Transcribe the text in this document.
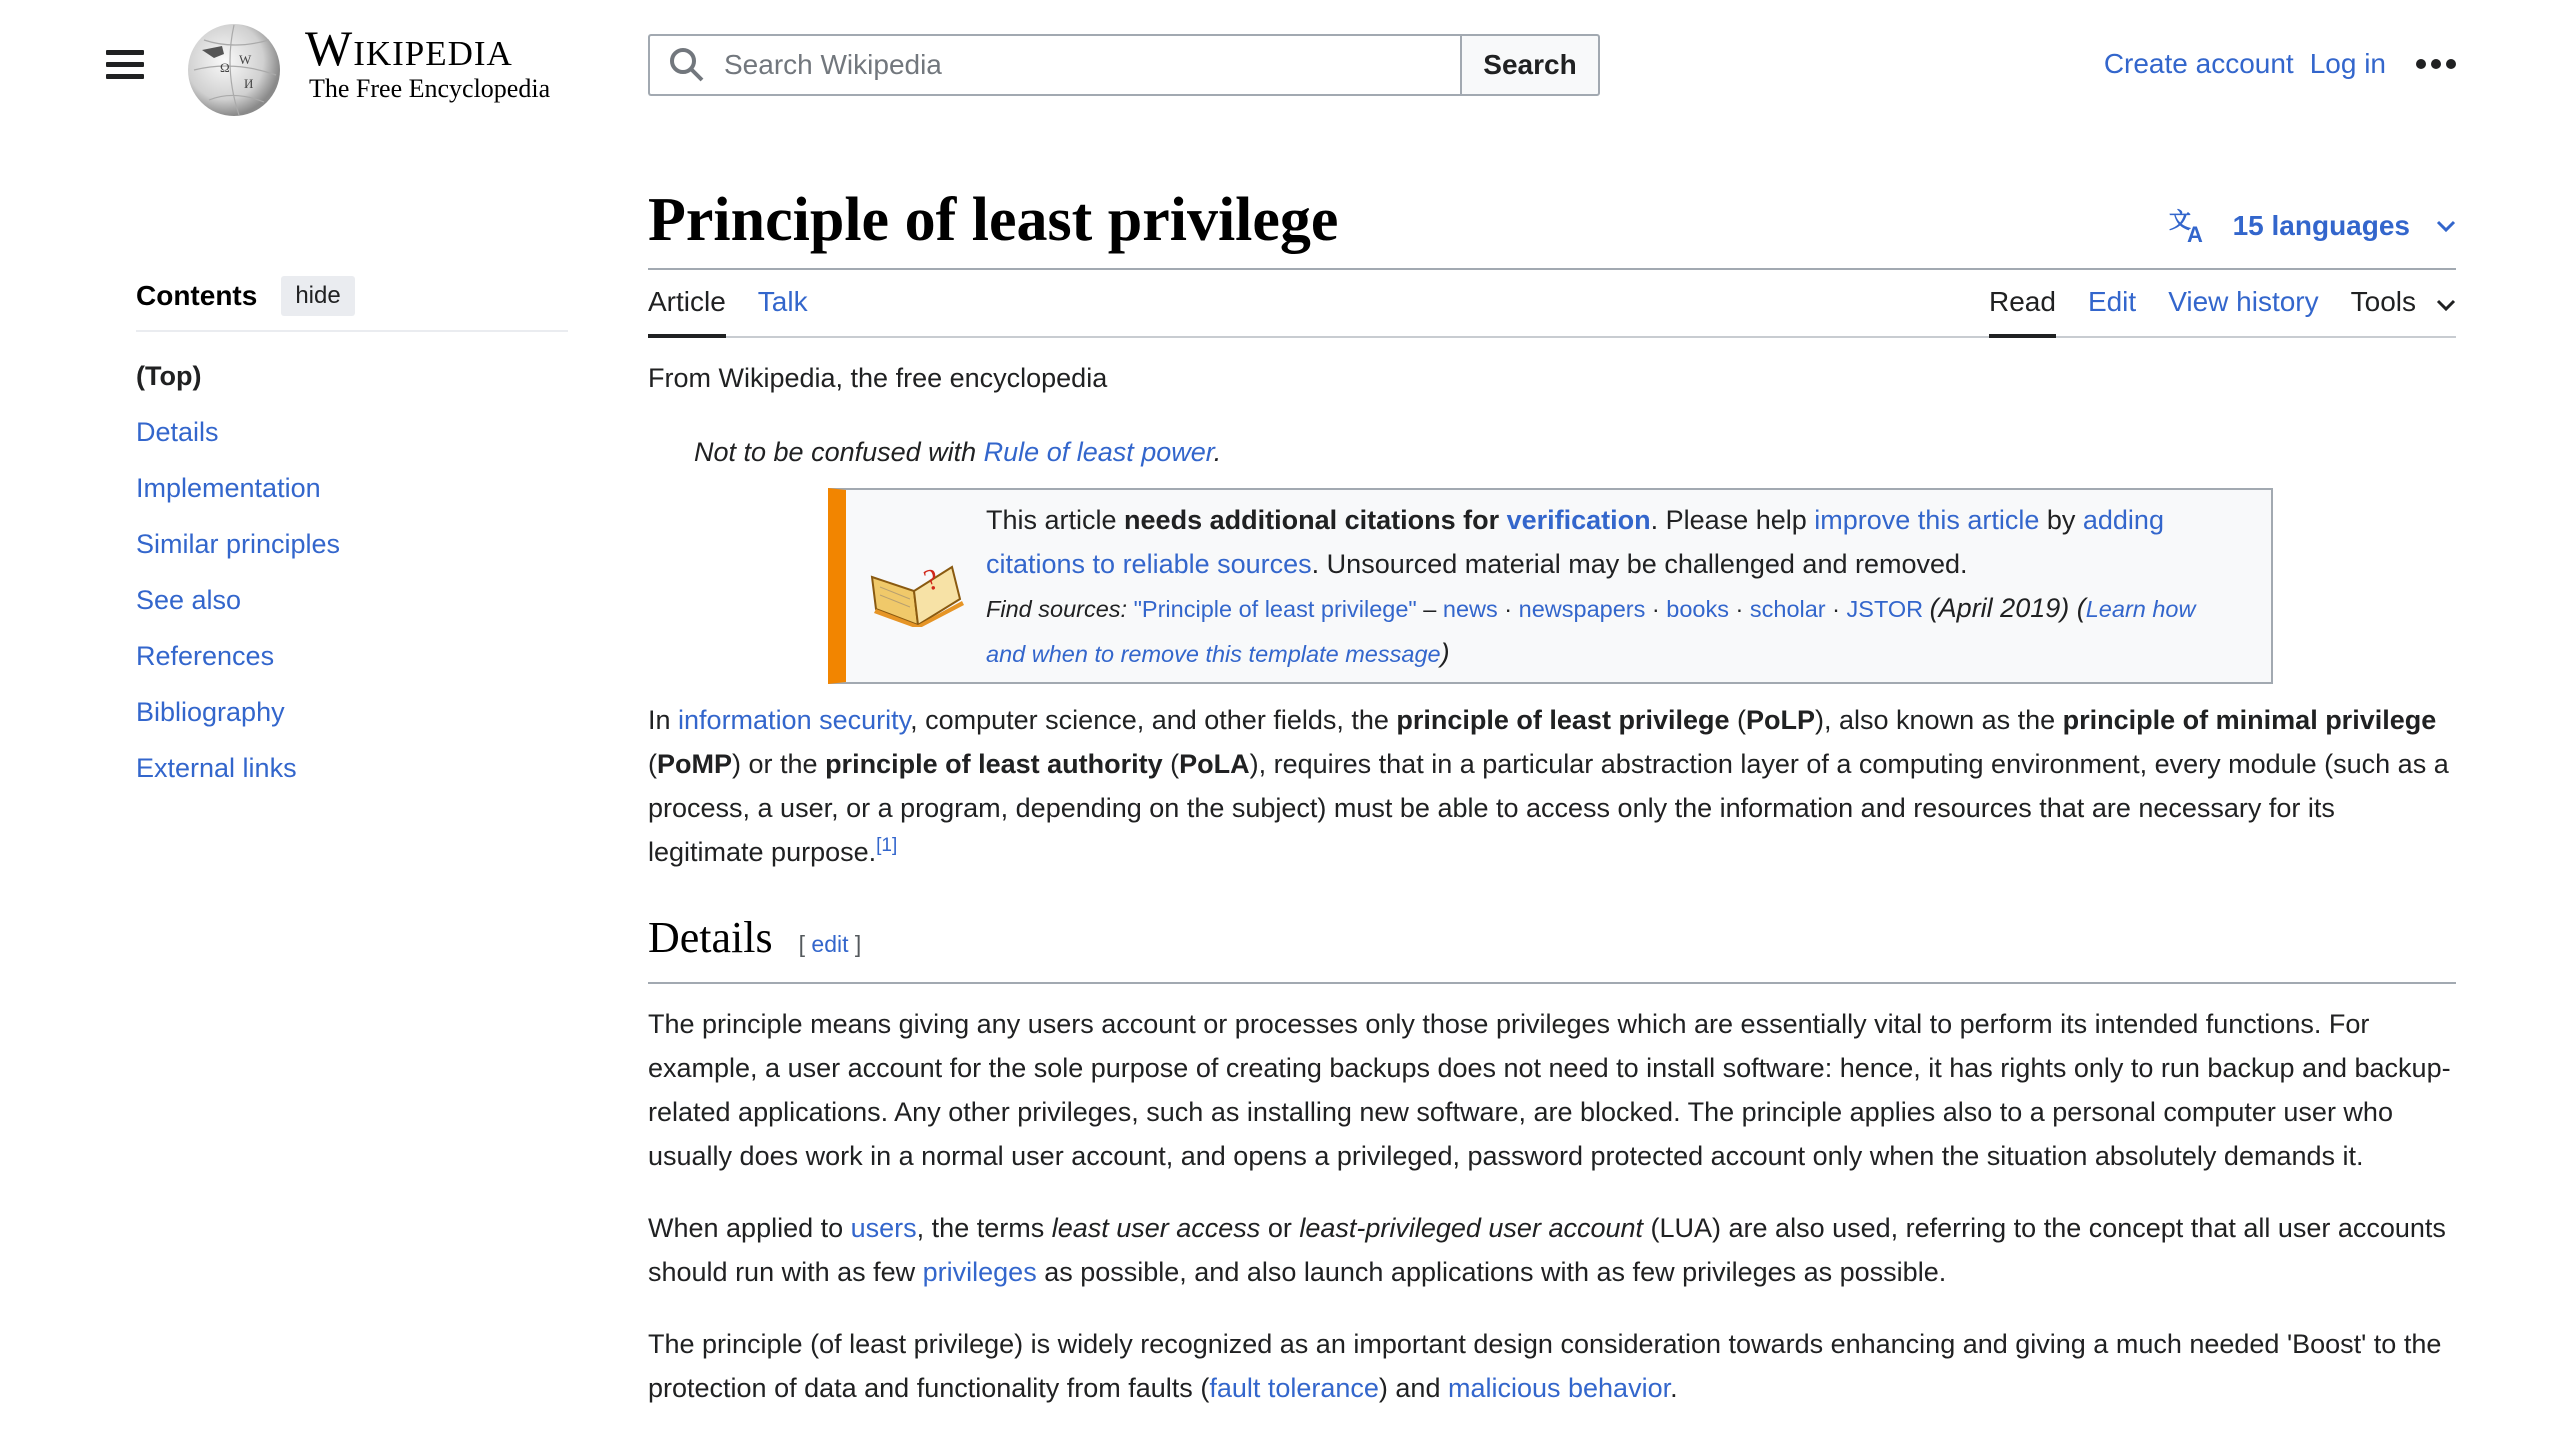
Ω
W
И
Wikipedia
The Free Encyclopedia
Search Wikipedia
Search	Create account Log in
Contents	hide
(Top)
Details
Implementation
Similar principles
See also
References
Bibliography
External links
Principle of least privilege	文
A 15 languages
Article Talk	Read Edit View history Tools
From Wikipedia, the free encyclopedia
Not to be confused with Rule of least power.
?
This article needs additional citations for verification. Please help improve this article by adding citations to reliable sources. Unsourced material may be challenged and removed.
Find sources: "Principle of least privilege" – news · newspapers · books · scholar · JSTOR (April 2019) (Learn how and when to remove this template message)

In information security, computer science, and other fields, the principle of least privilege (PoLP), also known as the principle of minimal privilege (PoMP) or the principle of least authority (PoLA), requires that in a particular abstraction layer of a computing environment, every module (such as a process, a user, or a program, depending on the subject) must be able to access only the information and resources that are necessary for its legitimate purpose.[1]

Details [ edit ]

The principle means giving any users account or processes only those privileges which are essentially vital to perform its intended functions. For example, a user account for the sole purpose of creating backups does not need to install software: hence, it has rights only to run backup and backup-related applications. Any other privileges, such as installing new software, are blocked. The principle applies also to a personal computer user who usually does work in a normal user account, and opens a privileged, password protected account only when the situation absolutely demands it.

When applied to users, the terms least user access or least-privileged user account (LUA) are also used, referring to the concept that all user accounts should run with as few privileges as possible, and also launch applications with as few privileges as possible.

The principle (of least privilege) is widely recognized as an important design consideration towards enhancing and giving a much needed 'Boost' to the protection of data and functionality from faults (fault tolerance) and malicious behavior.
